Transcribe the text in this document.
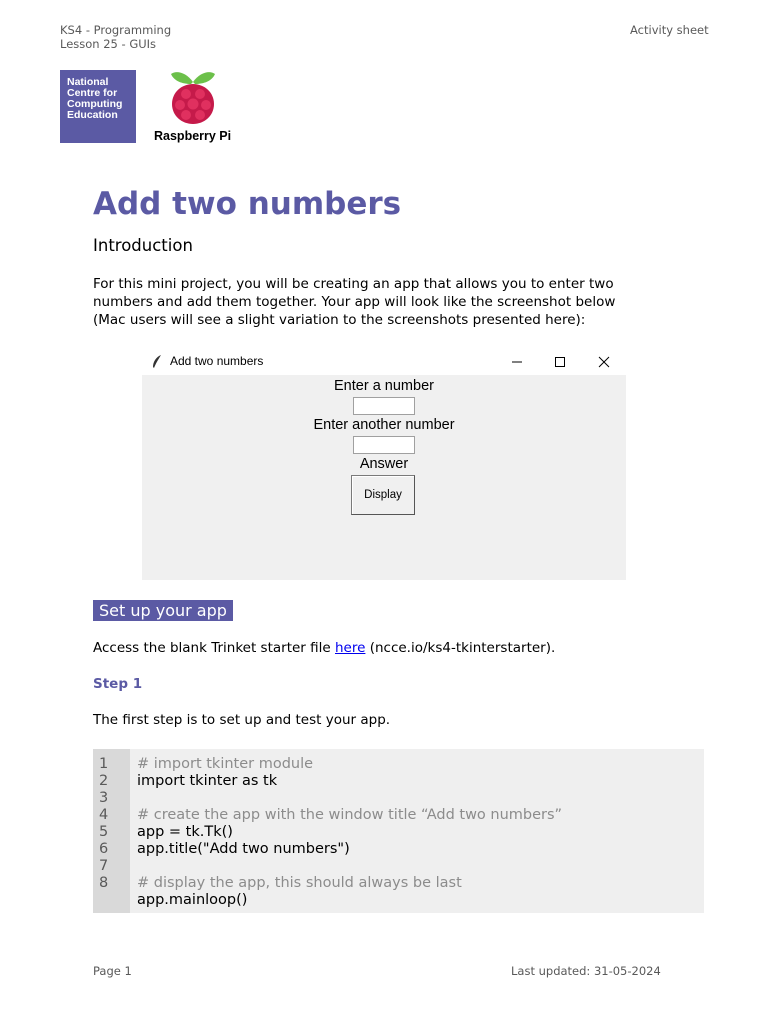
KS4 - Programming
Lesson 25 - GUIs
Activity sheet
National
Centre for
Computing
Education
Raspberry Pi
Add two numbers
Introduction
For this mini project, you will be creating an app that allows you to enter two
numbers and add them together. Your app will look like the screenshot below
(Mac users will see a slight variation to the screenshots presented here):
Add two numbers
Enter a number
Enter another number
Answer
Display
Set up your app
Access the blank Trinket starter file here (ncce.io/ks4-tkinterstarter).
Step 1
The first step is to set up and test your app.
1 # import tkinter module
2 import tkinter as tk
3
4 # create the app with the window title “Add two numbers”
5 app = tk.Tk()
6 app.title("Add two numbers")
7
8 # display the app, this should always be last
app.mainloop()
Page 1	Last updated: 31-05-2024
